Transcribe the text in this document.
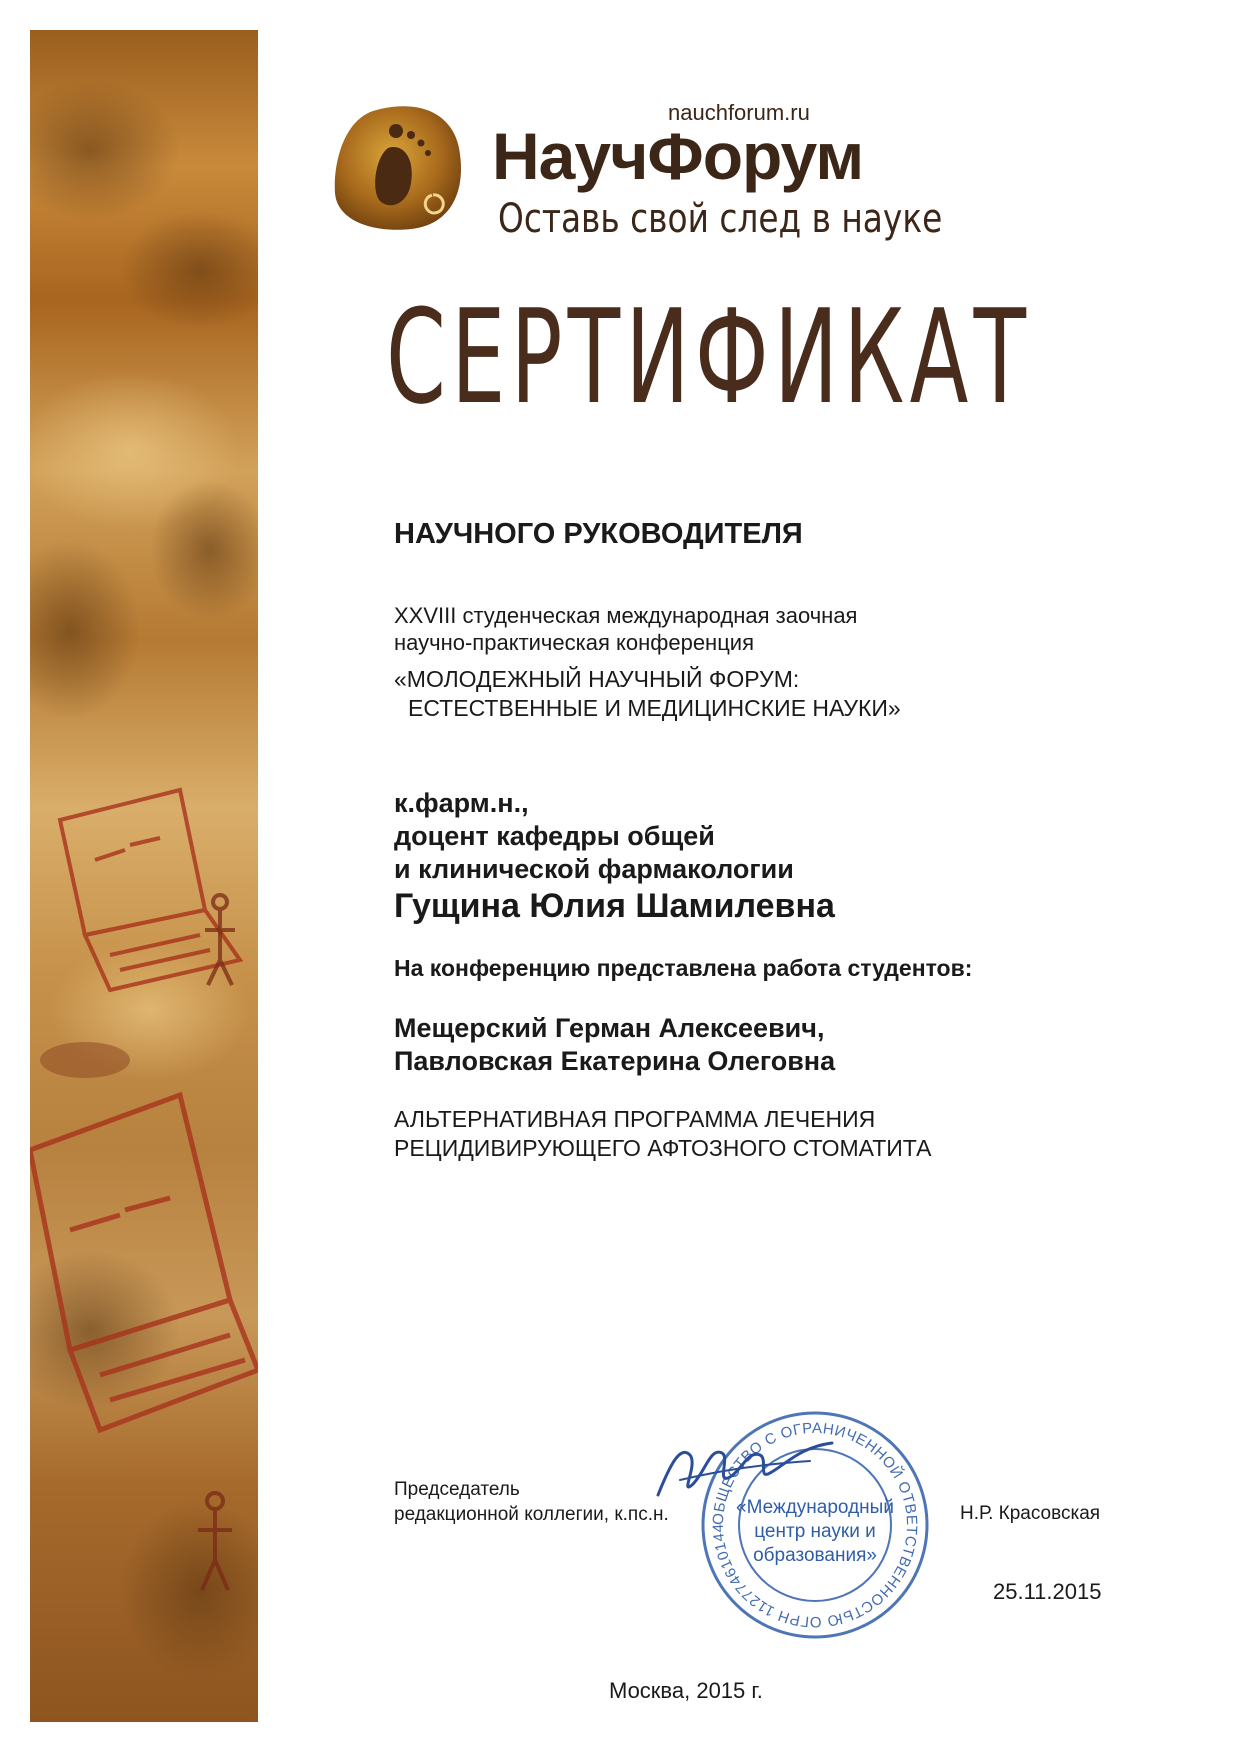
nauchforum.ru
НаучФорум
Оставь свой след в науке
СЕРТИФИКАТ
НАУЧНОГО РУКОВОДИТЕЛЯ
XXVIII студенческая международная заочная
научно-практическая конференция
«МОЛОДЕЖНЫЙ НАУЧНЫЙ ФОРУМ:
ЕСТЕСТВЕННЫЕ И МЕДИЦИНСКИЕ НАУКИ»
к.фарм.н.,
доцент кафедры общей
и клинической фармакологии
Гущина Юлия Шамилевна
На конференцию представлена работа студентов:
Мещерский Герман Алексеевич,
Павловская Екатерина Олеговна
АЛЬТЕРНАТИВНАЯ ПРОГРАММА ЛЕЧЕНИЯ
РЕЦИДИВИРУЮЩЕГО АФТОЗНОГО СТОМАТИТА
Председатель
редакционной коллегии, к.пс.н.	ОБЩЕСТВО С ОГРАНИЧЕННОЙ ОТВЕТСТВЕННОСТЬЮ ОГРН 112774610144
«Международный
центр науки и
образования»
Н.Р. Красовская
25.11.2015
Москва, 2015 г.
